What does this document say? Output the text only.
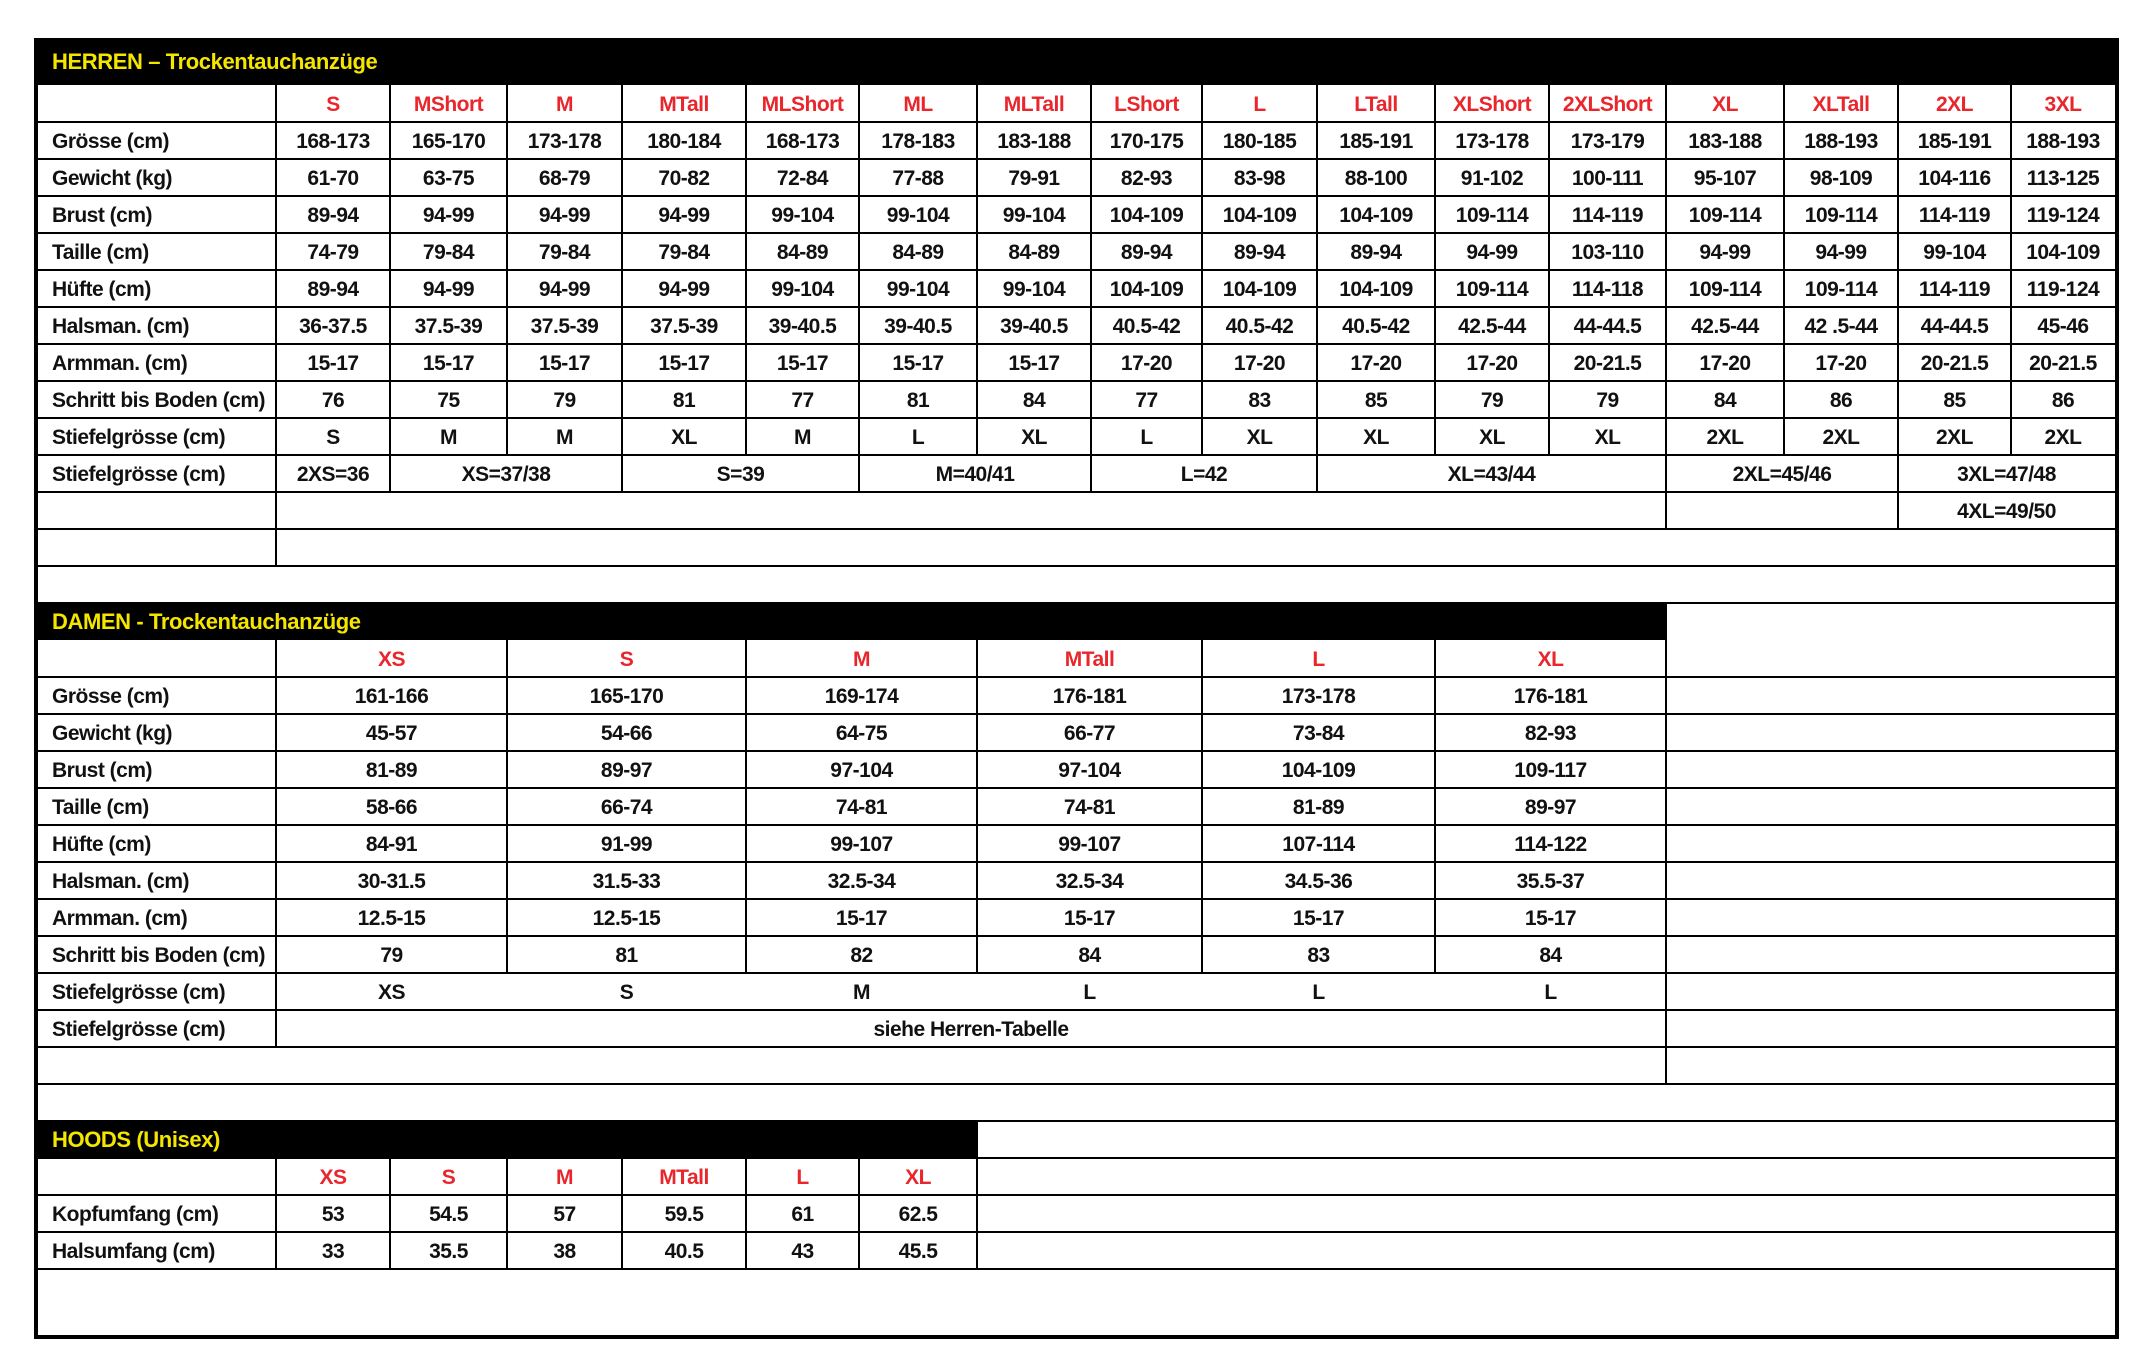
HERREN – Trockentauchanzüge
S	MShort	M	MTall	MLShort	ML	MLTall	LShort	L	LTall	XLShort	2XLShort	XL	XLTall	2XL	3XL
Grösse (cm)	168-173	165-170	173-178	180-184	168-173	178-183	183-188	170-175	180-185	185-191	173-178	173-179	183-188	188-193	185-191	188-193
Gewicht (kg)	61-70	63-75	68-79	70-82	72-84	77-88	79-91	82-93	83-98	88-100	91-102	100-111	95-107	98-109	104-116	113-125
Brust (cm)	89-94	94-99	94-99	94-99	99-104	99-104	99-104	104-109	104-109	104-109	109-114	114-119	109-114	109-114	114-119	119-124
Taille (cm)	74-79	79-84	79-84	79-84	84-89	84-89	84-89	89-94	89-94	89-94	94-99	103-110	94-99	94-99	99-104	104-109
Hüfte (cm)	89-94	94-99	94-99	94-99	99-104	99-104	99-104	104-109	104-109	104-109	109-114	114-118	109-114	109-114	114-119	119-124
Halsman. (cm)	36-37.5	37.5-39	37.5-39	37.5-39	39-40.5	39-40.5	39-40.5	40.5-42	40.5-42	40.5-42	42.5-44	44-44.5	42.5-44	42 .5-44	44-44.5	45-46
Armman. (cm)	15-17	15-17	15-17	15-17	15-17	15-17	15-17	17-20	17-20	17-20	17-20	20-21.5	17-20	17-20	20-21.5	20-21.5
Schritt bis Boden (cm)	76	75	79	81	77	81	84	77	83	85	79	79	84	86	85	86
Stiefelgrösse (cm)	S	M	M	XL	M	L	XL	L	XL	XL	XL	XL	2XL	2XL	2XL	2XL
Stiefelgrösse (cm)	2XS=36	XS=37/38	S=39	M=40/41	L=42	XL=43/44	2XL=45/46	3XL=47/48
4XL=49/50
DAMEN - Trockentauchanzüge
XS	S	M	MTall	L	XL
Grösse (cm)	161-166	165-170	169-174	176-181	173-178	176-181
Gewicht (kg)	45-57	54-66	64-75	66-77	73-84	82-93
Brust (cm)	81-89	89-97	97-104	97-104	104-109	109-117
Taille (cm)	58-66	66-74	74-81	74-81	81-89	89-97
Hüfte (cm)	84-91	91-99	99-107	99-107	107-114	114-122
Halsman. (cm)	30-31.5	31.5-33	32.5-34	32.5-34	34.5-36	35.5-37
Armman. (cm)	12.5-15	12.5-15	15-17	15-17	15-17	15-17
Schritt bis Boden (cm)	79	81	82	84	83	84
Stiefelgrösse (cm)	XS	S	M	L	L	L
Stiefelgrösse (cm)	siehe Herren-Tabelle
HOODS (Unisex)
XS	S	M	MTall	L	XL
Kopfumfang (cm)	53	54.5	57	59.5	61	62.5
Halsumfang (cm)	33	35.5	38	40.5	43	45.5
